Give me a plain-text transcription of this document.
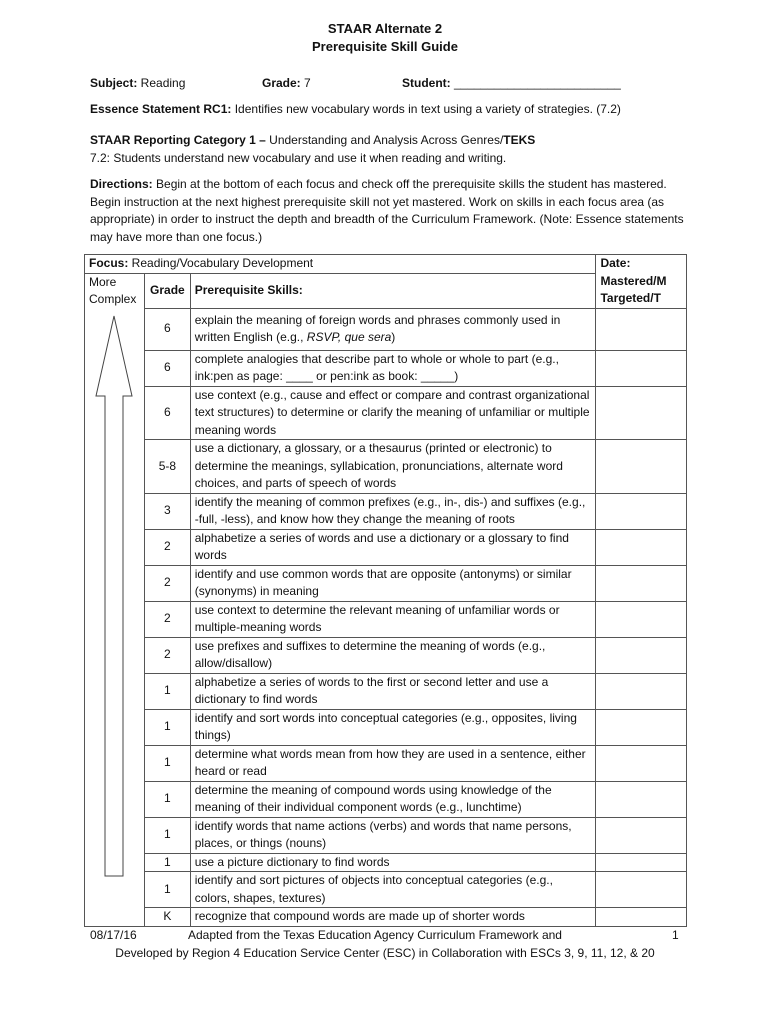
STAAR Alternate 2
Prerequisite Skill Guide
Subject: Reading	Grade: 7	Student: _________________________
Essence Statement RC1: Identifies new vocabulary words in text using a variety of strategies. (7.2)
STAAR Reporting Category 1 – Understanding and Analysis Across Genres/TEKS
7.2: Students understand new vocabulary and use it when reading and writing.
Directions: Begin at the bottom of each focus and check off the prerequisite skills the student has mastered. Begin instruction at the next highest prerequisite skill not yet mastered. Work on skills in each focus area (as appropriate) in order to instruct the depth and breadth of the Curriculum Framework. (Note: Essence statements may have more than one focus.)
Focus: Reading/Vocabulary Development			Date:
Mastered/M
Targeted/T

More
Complex	Grade	Prerequisite Skills:	
	6	explain the meaning of foreign words and phrases commonly used in written English (e.g., RSVP, que sera)	
	6	complete analogies that describe part to whole or whole to part (e.g., ink:pen as page: ____ or pen:ink as book: _____)	
	6	use context (e.g., cause and effect or compare and contrast organizational text structures) to determine or clarify the meaning of unfamiliar or multiple meaning words	
	5-8	use a dictionary, a glossary, or a thesaurus (printed or electronic) to determine the meanings, syllabication, pronunciations, alternate word choices, and parts of speech of words	
	3	identify the meaning of common prefixes (e.g., in-, dis-) and suffixes (e.g., -full, -less), and know how they change the meaning of roots	
	2	alphabetize a series of words and use a dictionary or a glossary to find words	
	2	identify and use common words that are opposite (antonyms) or similar (synonyms) in meaning	
	2	use context to determine the relevant meaning of unfamiliar words or multiple-meaning words	
	2	use prefixes and suffixes to determine the meaning of words (e.g., allow/disallow)	
	1	alphabetize a series of words to the first or second letter and use a dictionary to find words	
	1	identify and sort words into conceptual categories (e.g., opposites, living things)	
	1	determine what words mean from how they are used in a sentence, either heard or read	
	1	determine the meaning of compound words using knowledge of the meaning of their individual component words (e.g., lunchtime)	
	1	identify words that name actions (verbs) and words that name persons, places, or things (nouns)	
	1	use a picture dictionary to find words	
	1	identify and sort pictures of objects into conceptual categories (e.g., colors, shapes, textures)	
	K	recognize that compound words are made up of shorter words	
08/17/16	Adapted from the Texas Education Agency Curriculum Framework and	1
Developed by Region 4 Education Service Center (ESC) in Collaboration with ESCs 3, 9, 11, 12, & 20
